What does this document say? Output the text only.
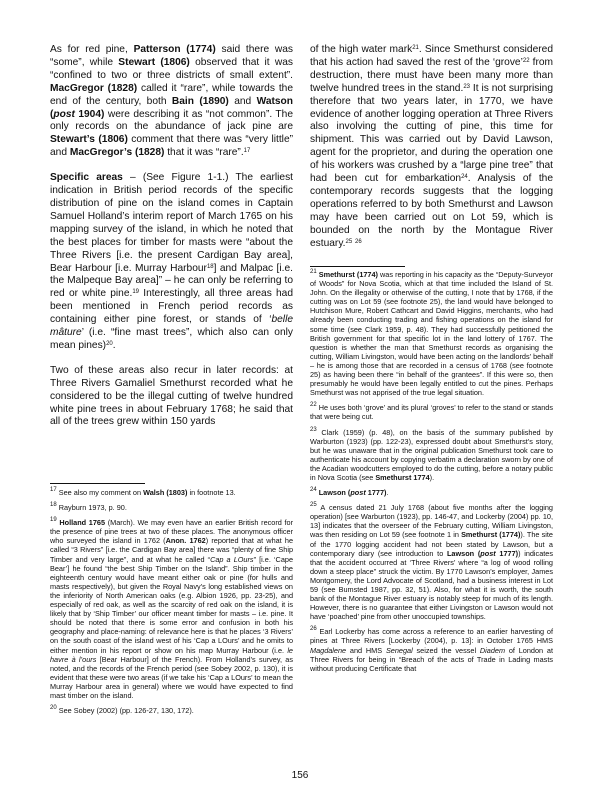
As for red pine, Patterson (1774) said there was “some”, while Stewart (1806) observed that it was “confined to two or three districts of small extent”. MacGregor (1828) called it “rare”, while towards the end of the century, both Bain (1890) and Watson (post 1904) were describing it as “not common”. The only records on the abundance of jack pine are Stewart’s (1806) comment that there was “very little” and MacGregor’s (1828) that it was “rare”.$^{17}$

Specific areas – (See Figure 1-1.) The earliest indication in British period records of the specific distribution of pine on the island comes in Captain Samuel Holland’s interim report of March 1765 on his mapping survey of the island, in which he noted that the best places for timber for masts were “about the Three Rivers [i.e. the present Cardigan Bay area], Bear Harbour [i.e. Murray Harbour$^{18}$] and Malpac [i.e. the Malpeque Bay area]” – he can only be referring to red or white pine.$^{19}$ Interestingly, all three areas had been mentioned in French period records as containing either pine forest, or stands of ‘belle mâture’ (i.e. “fine mast trees”, which also can only mean pines)$^{20}$.

Two of these areas also recur in later records: at Three Rivers Gamaliel Smethurst recorded what he considered to be the illegal cutting of twelve hundred white pine trees in about February 1768; he said that all of the trees grew within 150 yards

$^{17}$ See also my comment on Walsh (1803) in footnote 13.

$^{18}$ Rayburn 1973, p. 90.

$^{19}$ Holland 1765 (March). We may even have an earlier British record for the presence of pine trees at two of these places. The anonymous officer who surveyed the island in 1762 (Anon. 1762) reported that at what he called “3 Rivers” [i.e. the Cardigan Bay area] there was “plenty of fine Ship Timber and very large”, and at what he called “Cap a LOurs” [i.e. ‘Cape Bear’] he found “the best Ship Timber on the Island”. Ship timber in the eighteenth century would have meant either oak or pine (for hulls and masts respectively), but given the Royal Navy’s long established views on the inferiority of North American oaks (e.g. Albion 1926, pp. 23-25), and especially of red oak, as well as the scarcity of red oak on the island, it is likely that by ‘Ship Timber’ our officer meant timber for masts – i.e. pine. It should be noted that there is some error and confusion in both his geography and place-naming: of relevance here is that he places ‘3 Rivers’ on the south coast of the island west of his ‘Cap a LOurs’ and he omits to either mention in his report or show on his map Murray Harbour (i.e. le havre à l’ours [Bear Harbour] of the French). From Holland’s survey, as noted, and the records of the French period (see Sobey 2002, p. 130), it is evident that these were two areas (if we take his ‘Cap a LOurs’ to mean the Murray Harbour area in general) where we would have expected to find mast timber on the island.

$^{20}$ See Sobey (2002) (pp. 126-27, 130, 172).

of the high water mark$^{21}$. Since Smethurst considered that his action had saved the rest of the ‘grove’$^{22}$ from destruction, there must have been many more than twelve hundred trees in the stand.$^{23}$ It is not surprising therefore that two years later, in 1770, we have evidence of another logging operation at Three Rivers also involving the cutting of pine, this time for shipment. This was carried out by David Lawson, agent for the proprietor, and during the operation one of his workers was crushed by a “large pine tree” that had been cut for embarkation$^{24}$. Analysis of the contemporary records suggests that the logging operations referred to by both Smethurst and Lawson may have been carried out on Lot 59, which is bounded on the north by the Montague River estuary.$^{25}$ $^{26}$

$^{21}$ Smethurst (1774) was reporting in his capacity as the “Deputy-Surveyor of Woods” for Nova Scotia, which at that time included the Island of St. John. On the illegality or otherwise of the cutting, I note that by 1768, if the cutting was on Lot 59 (see footnote 25), the land would have belonged to Hutchison Mure, Robert Cathcart and David Higgins, merchants, who had already been conducting trading and fishing operations on the island for some time (see Clark 1959, p. 48). They had successfully petitioned the British government for that specific lot in the land lottery of 1767. The question is whether the man that Smethurst records as organising the cutting, William Livingston, would have been acting on the landlords’ behalf – he is among those that are recorded in a census of 1768 (see footnote 25) as having been there “in behalf of the grantees”. If this were so, then presumably he would have been legally entitled to cut the pines. Perhaps Smethurst was not apprised of the true legal situation.

$^{22}$ He uses both ‘grove’ and its plural ‘groves’ to refer to the stand or stands that were being cut.

$^{23}$ Clark (1959) (p. 48), on the basis of the summary published by Warburton (1923) (pp. 122-23), expressed doubt about Smethurst’s story, but he was unaware that in the original publication Smethurst took care to authenticate his account by copying verbatim a declaration sworn by one of the Acadian woodcutters employed to do the cutting, before a notary public in Nova Scotia (see Smethurst 1774).

$^{24}$ Lawson (post 1777).

$^{25}$ A census dated 21 July 1768 (about five months after the logging operation) [see Warburton (1923), pp. 146-47, and Lockerby (2004) pp. 10, 13] indicates that the overseer of the February cutting, William Livingston, was then residing on Lot 59 (see footnote 1 in Smethurst (1774)). The site of the 1770 logging accident had not been stated by Lawson, but a contemporary diary (see introduction to Lawson (post 1777)) indicates that the accident occurred at ‘Three Rivers’ where “a log of wood rolling down a steep place” struck the victim. By 1770 Lawson’s employer, James Montgomery, the Lord Advocate of Scotland, had a business interest in Lot 59 (see Bumsted 1987, pp. 32, 51). Also, for what it is worth, the south bank of the Montague River estuary is notably steep for much of its length. However, there is no guarantee that either Livingston or Lawson would not have ‘poached’ pine from other unoccupied townships.

$^{26}$ Earl Lockerby has come across a reference to an earlier harvesting of pines at Three Rivers [Lockerby (2004), p. 13]: in October 1765 HMS Magdalene and HMS Senegal seized the vessel Diadem of London at Three Rivers for being in “Breach of the acts of Trade in Lading masts without producing Certificate that

156
